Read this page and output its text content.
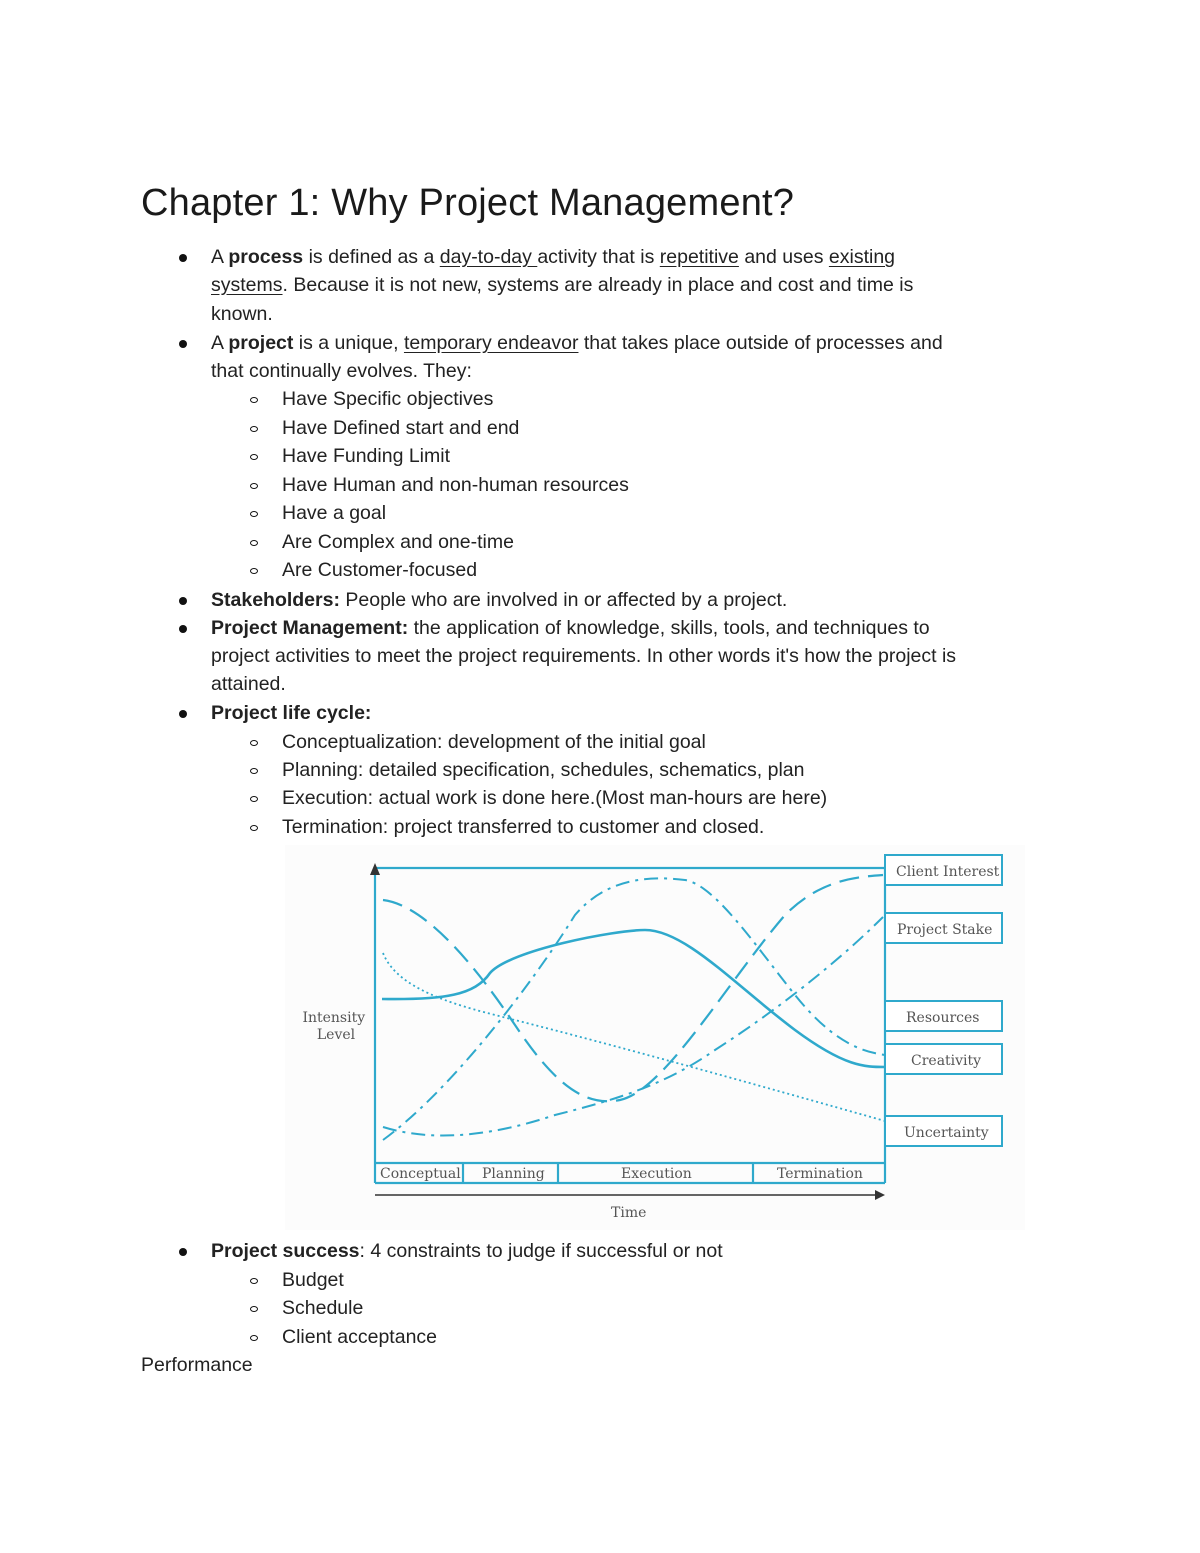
Chapter 1: Why Project Management?
A process is defined as a day-to-day activity that is repetitive and uses existing
systems. Because it is not new, systems are already in place and cost and time is
known.
A project is a unique, temporary endeavor that takes place outside of processes and
that continually evolves. They:
Have Specific objectives
Have Defined start and end
Have Funding Limit
Have Human and non-human resources
Have a goal
Are Complex and one-time
Are Customer-focused
Stakeholders: People who are involved in or affected by a project.
Project Management: the application of knowledge, skills, tools, and techniques to
project activities to meet the project requirements. In other words it's how the project is
attained.
Project life cycle:
Conceptualization: development of the initial goal
Planning: detailed specification, schedules, schematics, plan
Execution: actual work is done here.(Most man-hours are here)
Termination: project transferred to customer and closed.
Client Interest
Project Stake
Resources
Creativity
Uncertainty
Conceptual Planning	Execution	Termination
Time
Intensity Level
Project success: 4 constraints to judge if successful or not
Budget
Schedule
Client acceptance
Performance
